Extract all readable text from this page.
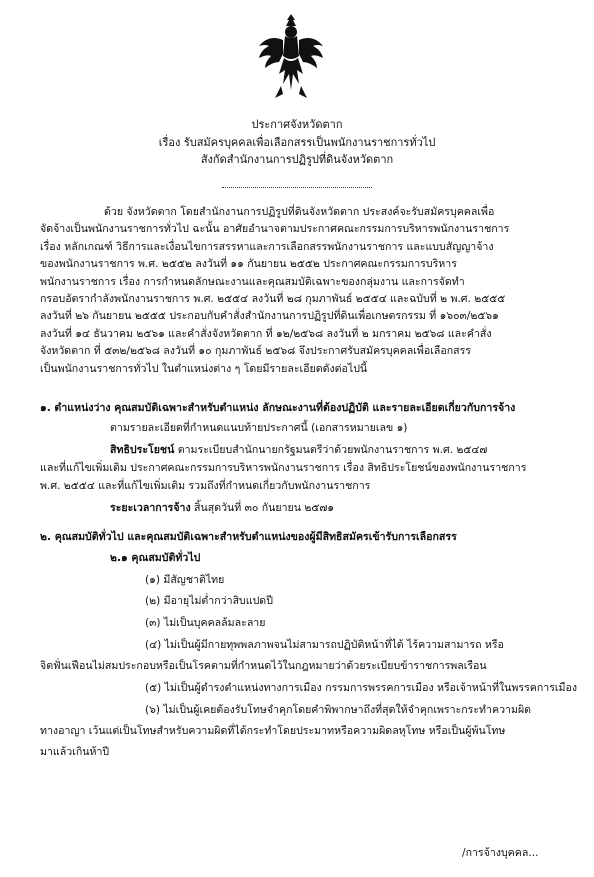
ประกาศจังหวัดตาก
เรื่อง รับสมัครบุคคลเพื่อเลือกสรรเป็นพนักงานราชการทั่วไป
สังกัดสำนักงานการปฏิรูปที่ดินจังหวัดตาก
ด้วย จังหวัดตาก โดยสำนักงานการปฏิรูปที่ดินจังหวัดตาก ประสงค์จะรับสมัครบุคคลเพื่อ
จัดจ้างเป็นพนักงานราชการทั่วไป ฉะนั้น อาศัยอำนาจตามประกาศคณะกรรมการบริหารพนักงานราชการ
เรื่อง หลักเกณฑ์ วิธีการและเงื่อนไขการสรรหาและการเลือกสรรพนักงานราชการ และแบบสัญญาจ้าง
ของพนักงานราชการ พ.ศ. ๒๕๕๒ ลงวันที่ ๑๑ กันยายน ๒๕๕๒ ประกาศคณะกรรมการบริหาร
พนักงานราชการ เรื่อง การกำหนดลักษณะงานและคุณสมบัติเฉพาะของกลุ่มงาน และการจัดทำ
กรอบอัตรากำลังพนักงานราชการ พ.ศ. ๒๕๕๔ ลงวันที่ ๒๘ กุมภาพันธ์ ๒๕๕๔ และฉบับที่ ๒ พ.ศ. ๒๕๕๕
ลงวันที่ ๒๖ กันยายน ๒๕๕๕ ประกอบกับคำสั่งสำนักงานการปฏิรูปที่ดินเพื่อเกษตรกรรม ที่ ๑๖๐๓/๒๕๖๑
ลงวันที่ ๑๔ ธันวาคม ๒๕๖๑ และคำสั่งจังหวัดตาก ที่ ๑๒/๒๕๖๘ ลงวันที่ ๒ มกราคม ๒๕๖๘ และคำสั่ง
จังหวัดตาก ที่ ๕๓๒/๒๕๖๘ ลงวันที่ ๑๐ กุมภาพันธ์ ๒๕๖๘ จึงประกาศรับสมัครบุคคลเพื่อเลือกสรร
เป็นพนักงานราชการทั่วไป ในตำแหน่งต่าง ๆ โดยมีรายละเอียดดังต่อไปนี้
๑. ตำแหน่งว่าง คุณสมบัติเฉพาะสำหรับตำแหน่ง ลักษณะงานที่ต้องปฏิบัติ และรายละเอียดเกี่ยวกับการจ้าง
ตามรายละเอียดที่กำหนดแนบท้ายประกาศนี้ (เอกสารหมายเลข ๑)
สิทธิประโยชน์ ตามระเบียบสำนักนายกรัฐมนตรีว่าด้วยพนักงานราชการ พ.ศ. ๒๕๔๗
และที่แก้ไขเพิ่มเติม ประกาศคณะกรรมการบริหารพนักงานราชการ เรื่อง สิทธิประโยชน์ของพนักงานราชการ
พ.ศ. ๒๕๕๔ และที่แก้ไขเพิ่มเติม รวมถึงที่กำหนดเกี่ยวกับพนักงานราชการ
ระยะเวลาการจ้าง สิ้นสุดวันที่ ๓๐ กันยายน ๒๕๗๑
๒. คุณสมบัติทั่วไป และคุณสมบัติเฉพาะสำหรับตำแหน่งของผู้มีสิทธิสมัครเข้ารับการเลือกสรร
๒.๑ คุณสมบัติทั่วไป
(๑) มีสัญชาติไทย
(๒) มีอายุไม่ต่ำกว่าสิบแปดปี
(๓) ไม่เป็นบุคคลล้มละลาย
(๔) ไม่เป็นผู้มีกายทุพพลภาพจนไม่สามารถปฏิบัติหน้าที่ได้ ไร้ความสามารถ หรือ
จิตฟั่นเฟือนไม่สมประกอบหรือเป็นโรคตามที่กำหนดไว้ในกฎหมายว่าด้วยระเบียบข้าราชการพลเรือน
(๕) ไม่เป็นผู้ดำรงตำแหน่งทางการเมือง กรรมการพรรคการเมือง หรือเจ้าหน้าที่ในพรรคการเมือง
(๖) ไม่เป็นผู้เคยต้องรับโทษจำคุกโดยคำพิพากษาถึงที่สุดให้จำคุกเพราะกระทำความผิด
ทางอาญา เว้นแต่เป็นโทษสำหรับความผิดที่ได้กระทำโดยประมาทหรือความผิดลหุโทษ หรือเป็นผู้พ้นโทษ
มาแล้วเกินห้าปี
/การจ้างบุคคล...
